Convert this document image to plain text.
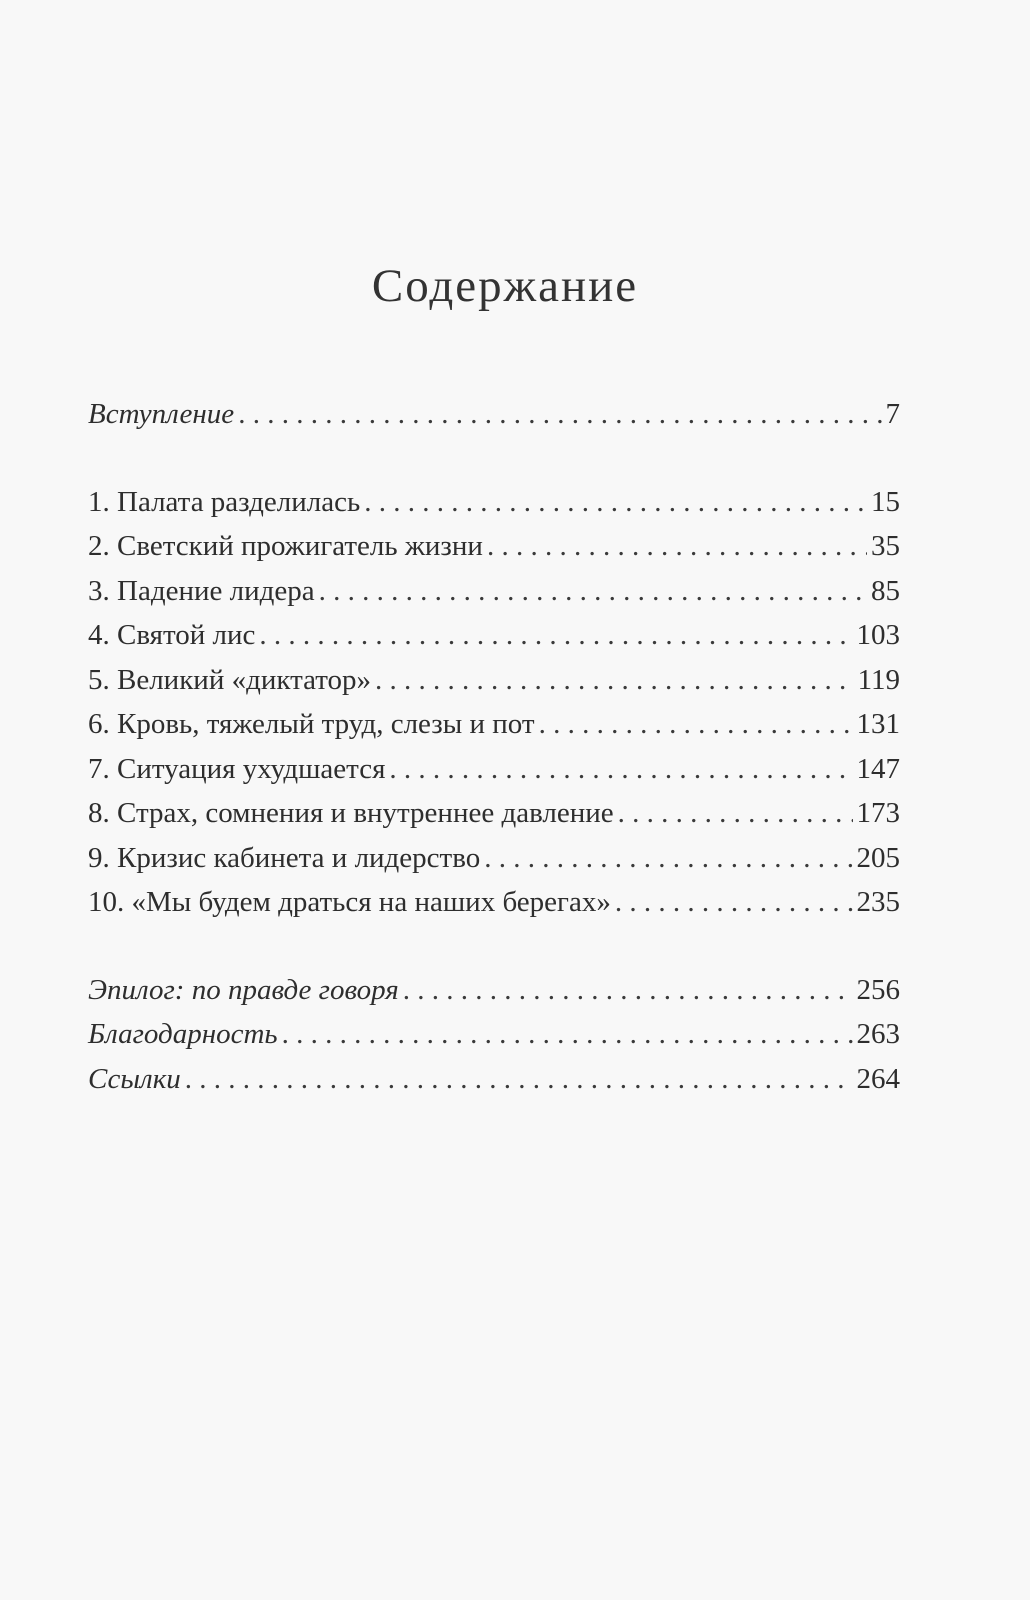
Содержание
Вступление . . .	7
1. Палата разделилась . . .	15
2. Светский прожигатель жизни . . .	35
3. Падение лидера . . .	85
4. Святой лис . . .	103
5. Великий «диктатор» . . .	119
6. Кровь, тяжелый труд, слезы и пот . . .	131
7. Ситуация ухудшается . . .	147
8. Страх, сомнения и внутреннее давление . . .	173
9. Кризис кабинета и лидерство . . .	205
10. «Мы будем драться на наших берегах» . . .	235
Эпилог: по правде говоря . . .	256
Благодарность . . .	263
Ссылки . . .	264
